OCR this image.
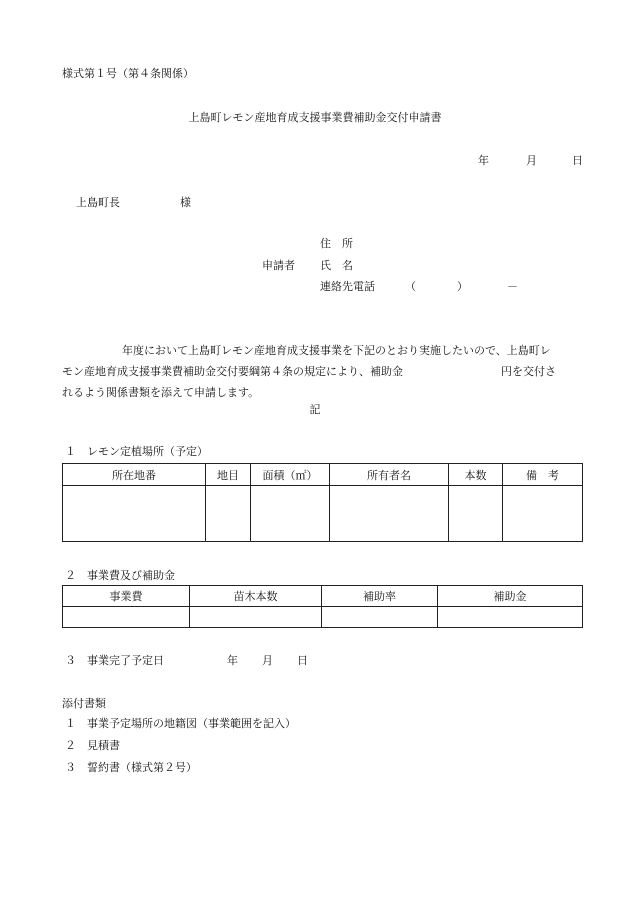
様式第１号（第４条関係）
上島町レモン産地育成支援事業費補助金交付申請書
年	月	日
上島町長	様
住　所
申請者 氏　名
連絡先電話	（	）	－
年度において上島町レモン産地育成支援事業を下記のとおり実施したいので、上島町レ
モン産地育成支援事業費補助金交付要綱第４条の規定により、補助金	円を交付さ
れるよう関係書類を添えて申請します。
記
１　レモン定植場所（予定）
所在地番	地目	面積（㎡）	所有者名	本数	備　考

２　事業費及び補助金
事業費	苗木本数	補助率	補助金

３　事業完了予定日	年 月 日
添付書類
１　事業予定場所の地籍図（事業範囲を記入）
２　見積書
３　誓約書（様式第２号）
